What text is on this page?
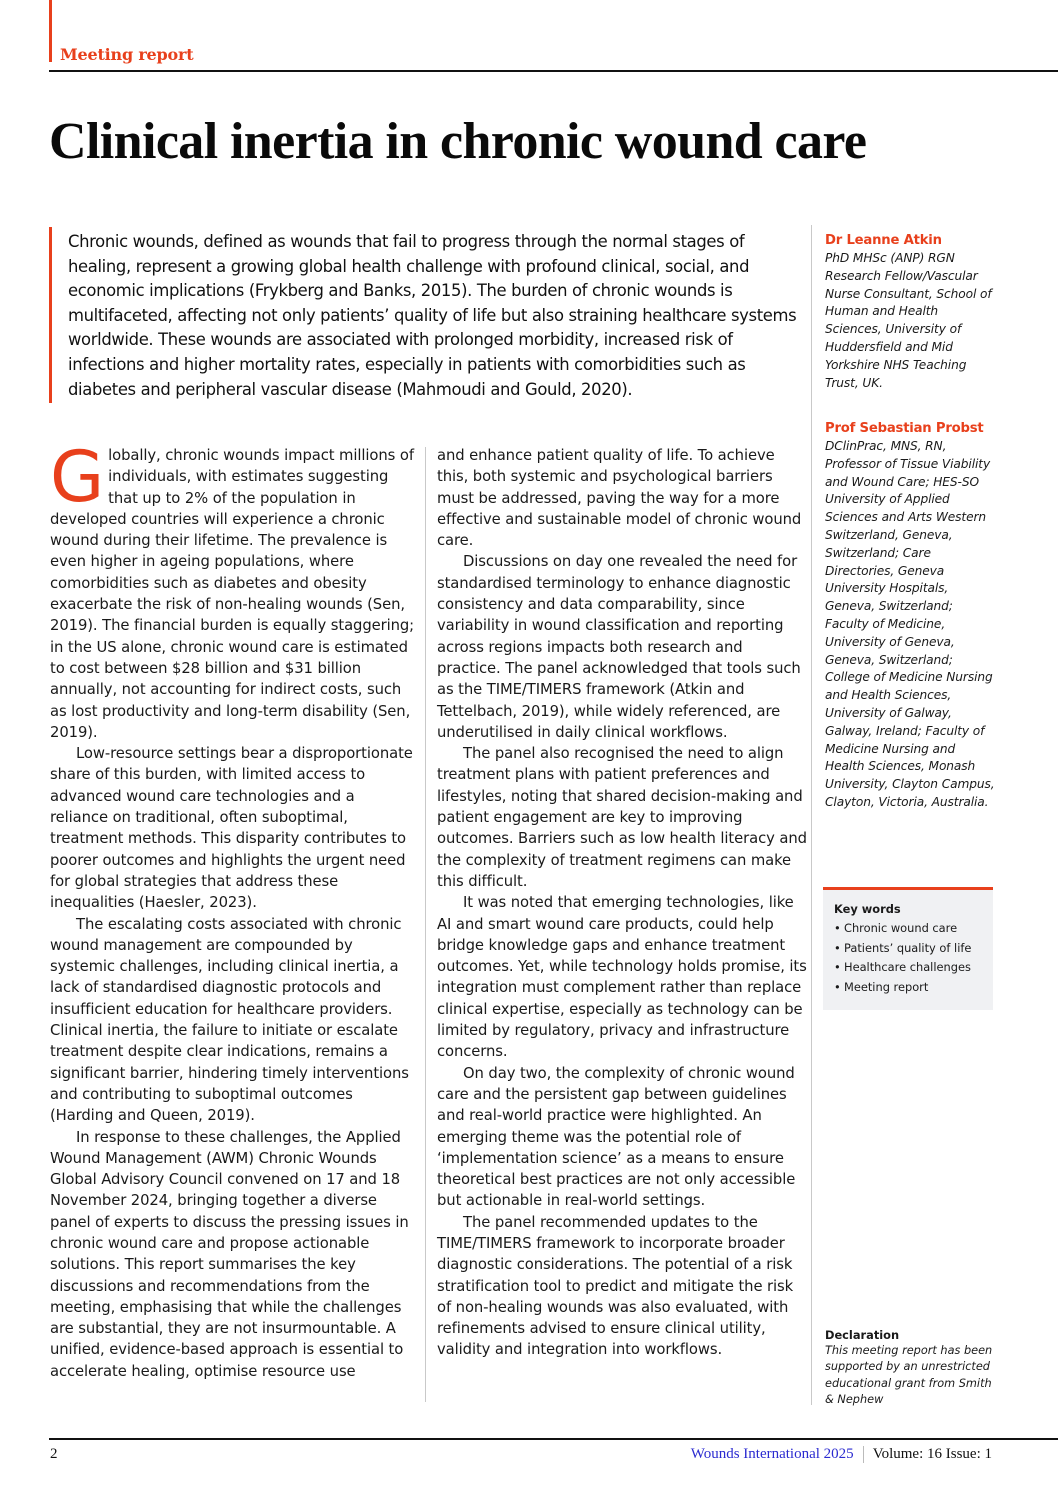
Meeting report
Clinical inertia in chronic wound care

Chronic wounds, defined as wounds that fail to progress through the normal stages of healing, represent a growing global health challenge with profound clinical, social, and economic implications (Frykberg and Banks, 2015). The burden of chronic wounds is multifaceted, affecting not only patients’ quality of life but also straining healthcare systems worldwide. These wounds are associated with prolonged morbidity, increased risk of infections and higher mortality rates, especially in patients with comorbidities such as diabetes and peripheral vascular disease (Mahmoudi and Gould, 2020).

Globally, chronic wounds impact millions of individuals, with estimates suggesting that up to 2% of the population in developed countries will experience a chronic wound during their lifetime. The prevalence is even higher in ageing populations, where comorbidities such as diabetes and obesity exacerbate the risk of non-healing wounds (Sen, 2019). The financial burden is equally staggering; in the US alone, chronic wound care is estimated to cost between $28 billion and $31 billion annually, not accounting for indirect costs, such as lost productivity and long-term disability (Sen, 2019).

Low-resource settings bear a disproportionate share of this burden, with limited access to advanced wound care technologies and a reliance on traditional, often suboptimal, treatment methods. This disparity contributes to poorer outcomes and highlights the urgent need for global strategies that address these inequalities (Haesler, 2023).

The escalating costs associated with chronic wound management are compounded by systemic challenges, including clinical inertia, a lack of standardised diagnostic protocols and insufficient education for healthcare providers. Clinical inertia, the failure to initiate or escalate treatment despite clear indications, remains a significant barrier, hindering timely interventions and contributing to suboptimal outcomes (Harding and Queen, 2019).

In response to these challenges, the Applied Wound Management (AWM) Chronic Wounds Global Advisory Council convened on 17 and 18 November 2024, bringing together a diverse panel of experts to discuss the pressing issues in chronic wound care and propose actionable solutions. This report summarises the key discussions and recommendations from the meeting, emphasising that while the challenges are substantial, they are not insurmountable. A unified, evidence-based approach is essential to accelerate healing, optimise resource use

and enhance patient quality of life. To achieve this, both systemic and psychological barriers must be addressed, paving the way for a more effective and sustainable model of chronic wound care.

Discussions on day one revealed the need for standardised terminology to enhance diagnostic consistency and data comparability, since variability in wound classification and reporting across regions impacts both research and practice. The panel acknowledged that tools such as the TIME/TIMERS framework (Atkin and Tettelbach, 2019), while widely referenced, are underutilised in daily clinical workflows.

The panel also recognised the need to align treatment plans with patient preferences and lifestyles, noting that shared decision-making and patient engagement are key to improving outcomes. Barriers such as low health literacy and the complexity of treatment regimens can make this difficult.

It was noted that emerging technologies, like AI and smart wound care products, could help bridge knowledge gaps and enhance treatment outcomes. Yet, while technology holds promise, its integration must complement rather than replace clinical expertise, especially as technology can be limited by regulatory, privacy and infrastructure concerns.

On day two, the complexity of chronic wound care and the persistent gap between guidelines and real-world practice were highlighted. An emerging theme was the potential role of ‘implementation science’ as a means to ensure theoretical best practices are not only accessible but actionable in real-world settings.

The panel recommended updates to the TIME/TIMERS framework to incorporate broader diagnostic considerations. The potential of a risk stratification tool to predict and mitigate the risk of non-healing wounds was also evaluated, with refinements advised to ensure clinical utility, validity and integration into workflows.

Dr Leanne Atkin
PhD MHSc (ANP) RGN Research Fellow/Vascular Nurse Consultant, School of Human and Health Sciences, University of Huddersfield and Mid Yorkshire NHS Teaching Trust, UK.
Prof Sebastian Probst
DClinPrac, MNS, RN, Professor of Tissue Viability and Wound Care; HES-SO University of Applied Sciences and Arts Western Switzerland, Geneva, Switzerland; Care Directories, Geneva University Hospitals, Geneva, Switzerland; Faculty of Medicine, University of Geneva, Geneva, Switzerland; College of Medicine Nursing and Health Sciences, University of Galway, Galway, Ireland; Faculty of Medicine Nursing and Health Sciences, Monash University, Clayton Campus, Clayton, Victoria, Australia.
Key words
• Chronic wound care
• Patients’ quality of life
• Healthcare challenges
• Meeting report
Declaration
This meeting report has been supported by an unrestricted educational grant from Smith & Nephew
2	Wounds International 2025 Volume: 16 Issue: 1
